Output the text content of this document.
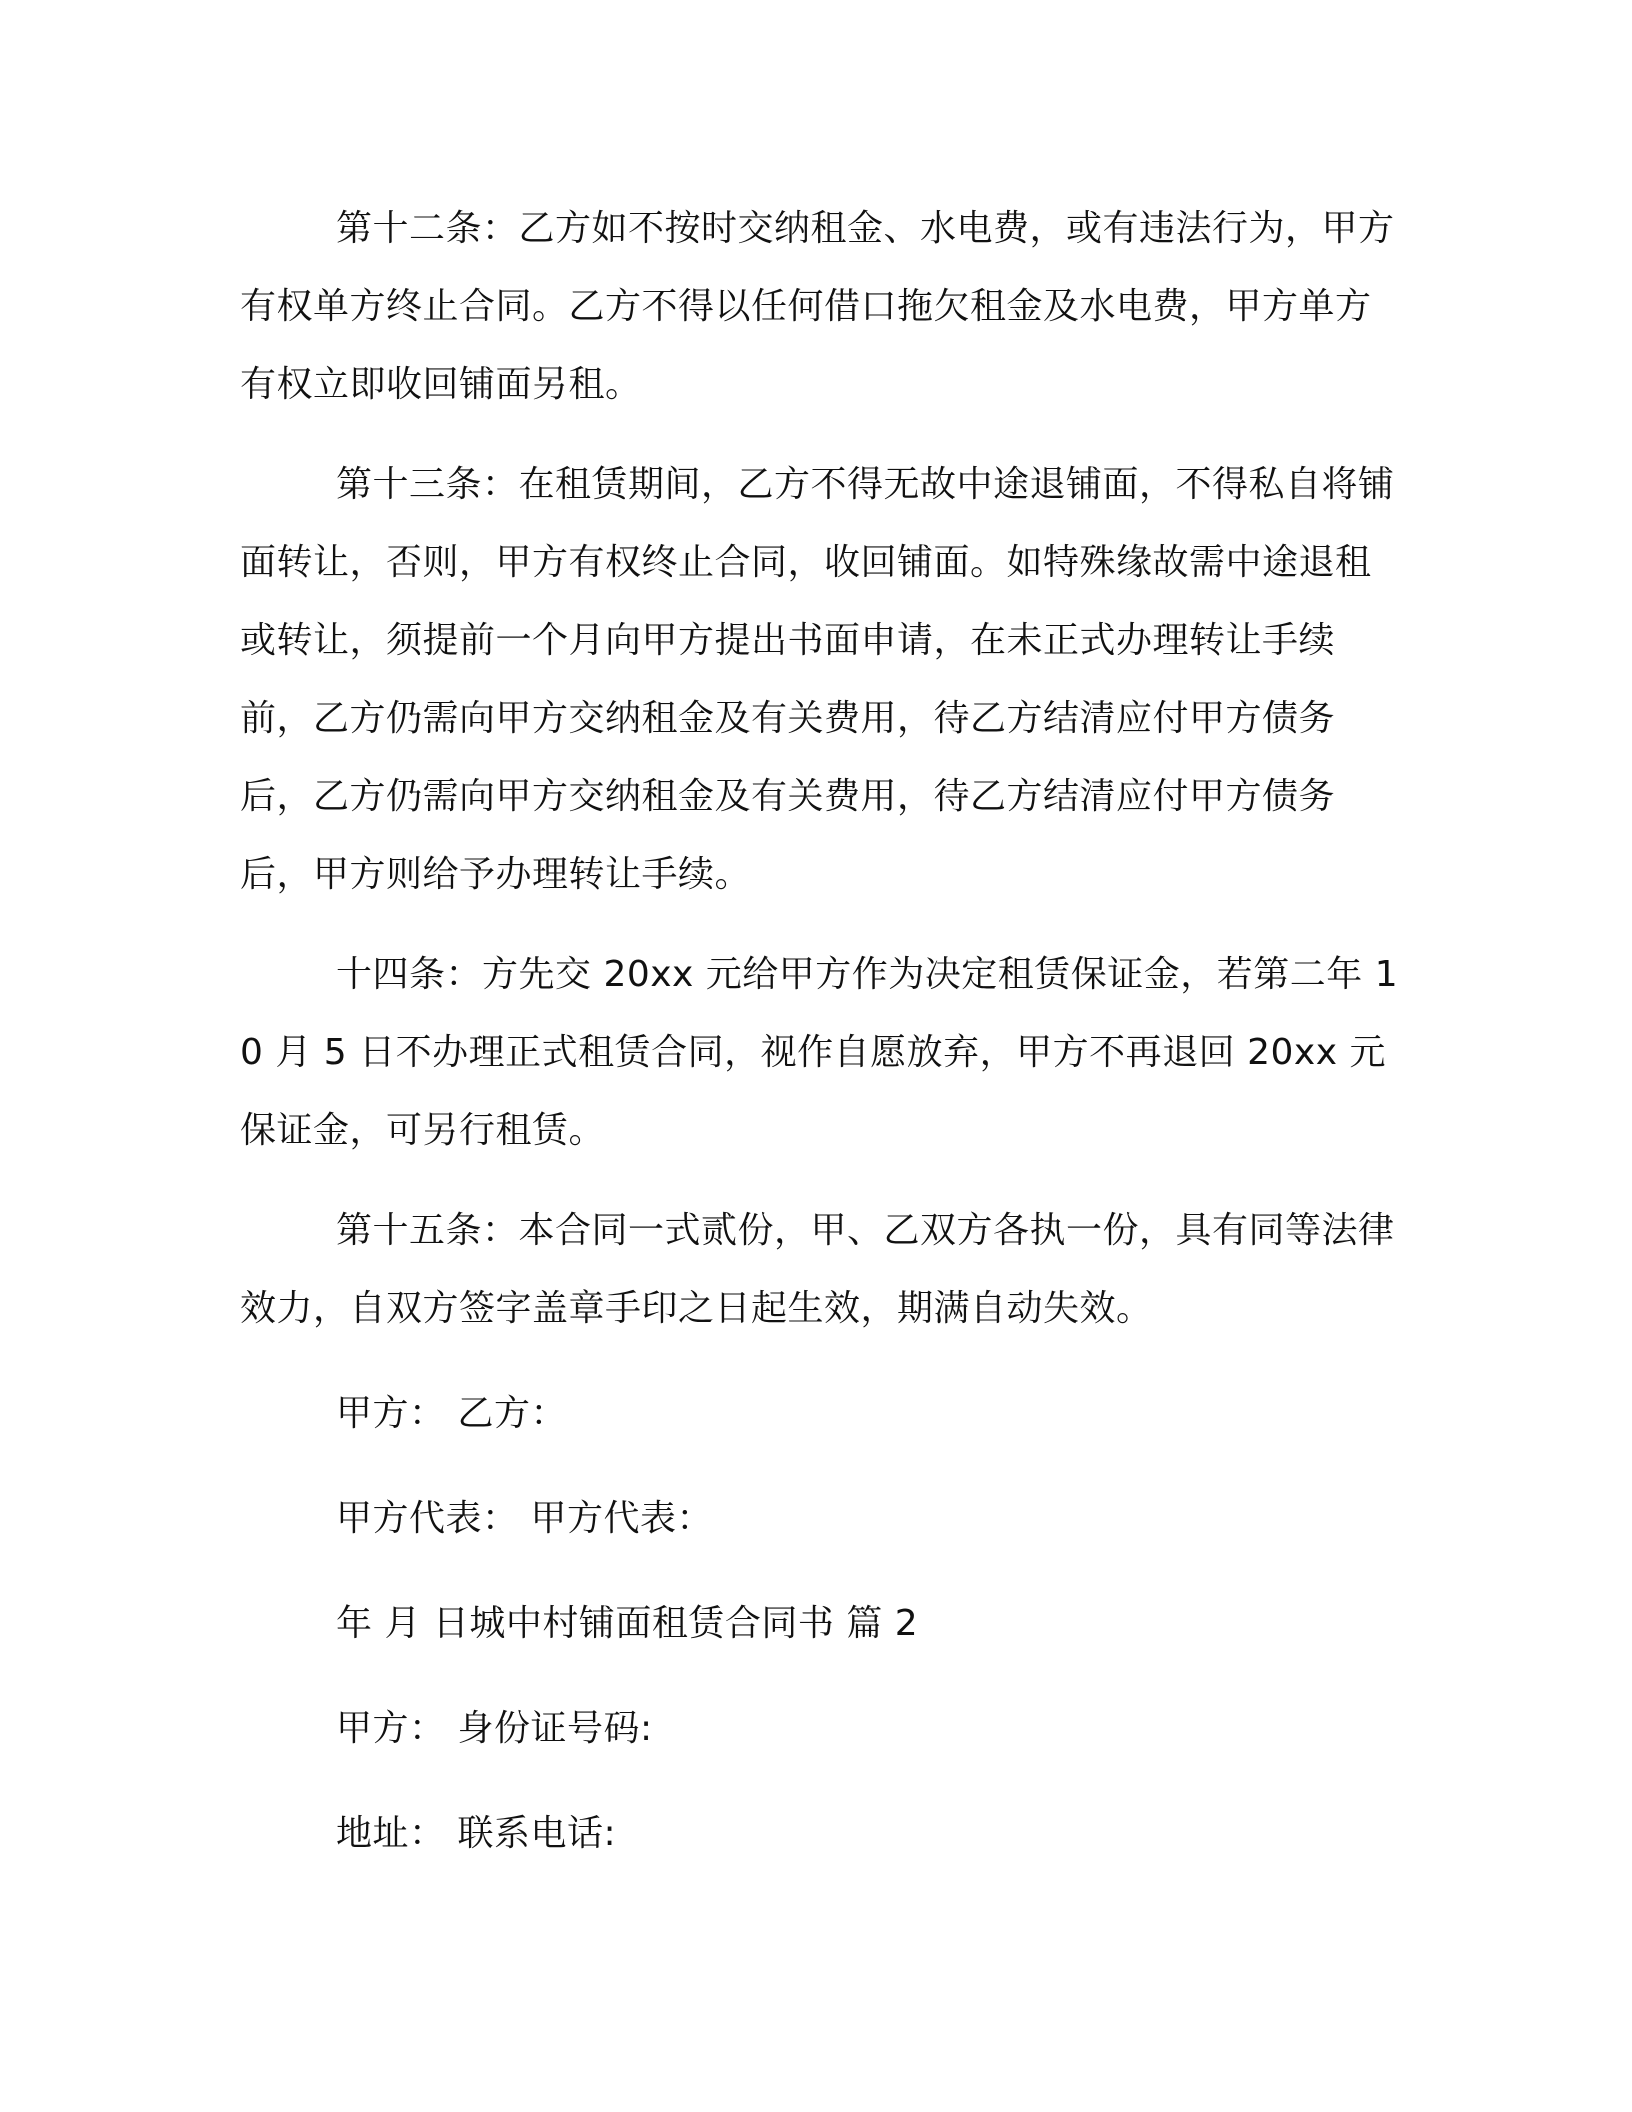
第十二条：乙方如不按时交纳租金、水电费，或有违法行为，甲方有权单方终止合同。乙方不得以任何借口拖欠租金及水电费，甲方单方有权立即收回铺面另租。

第十三条：在租赁期间，乙方不得无故中途退铺面，不得私自将铺面转让，否则，甲方有权终止合同，收回铺面。如特殊缘故需中途退租或转让，须提前一个月向甲方提出书面申请，在未正式办理转让手续前，乙方仍需向甲方交纳租金及有关费用，待乙方结清应付甲方债务后，乙方仍需向甲方交纳租金及有关费用，待乙方结清应付甲方债务后，甲方则给予办理转让手续。

十四条：方先交 20xx 元给甲方作为决定租赁保证金，若第二年 10 月 5 日不办理正式租赁合同，视作自愿放弃，甲方不再退回 20xx 元保证金，可另行租赁。

第十五条：本合同一式贰份，甲、乙双方各执一份，具有同等法律效力，自双方签字盖章手印之日起生效，期满自动失效。

甲方： 乙方：

甲方代表： 甲方代表：

年 月 日城中村铺面租赁合同书 篇 2

甲方： 身份证号码:

地址： 联系电话:
